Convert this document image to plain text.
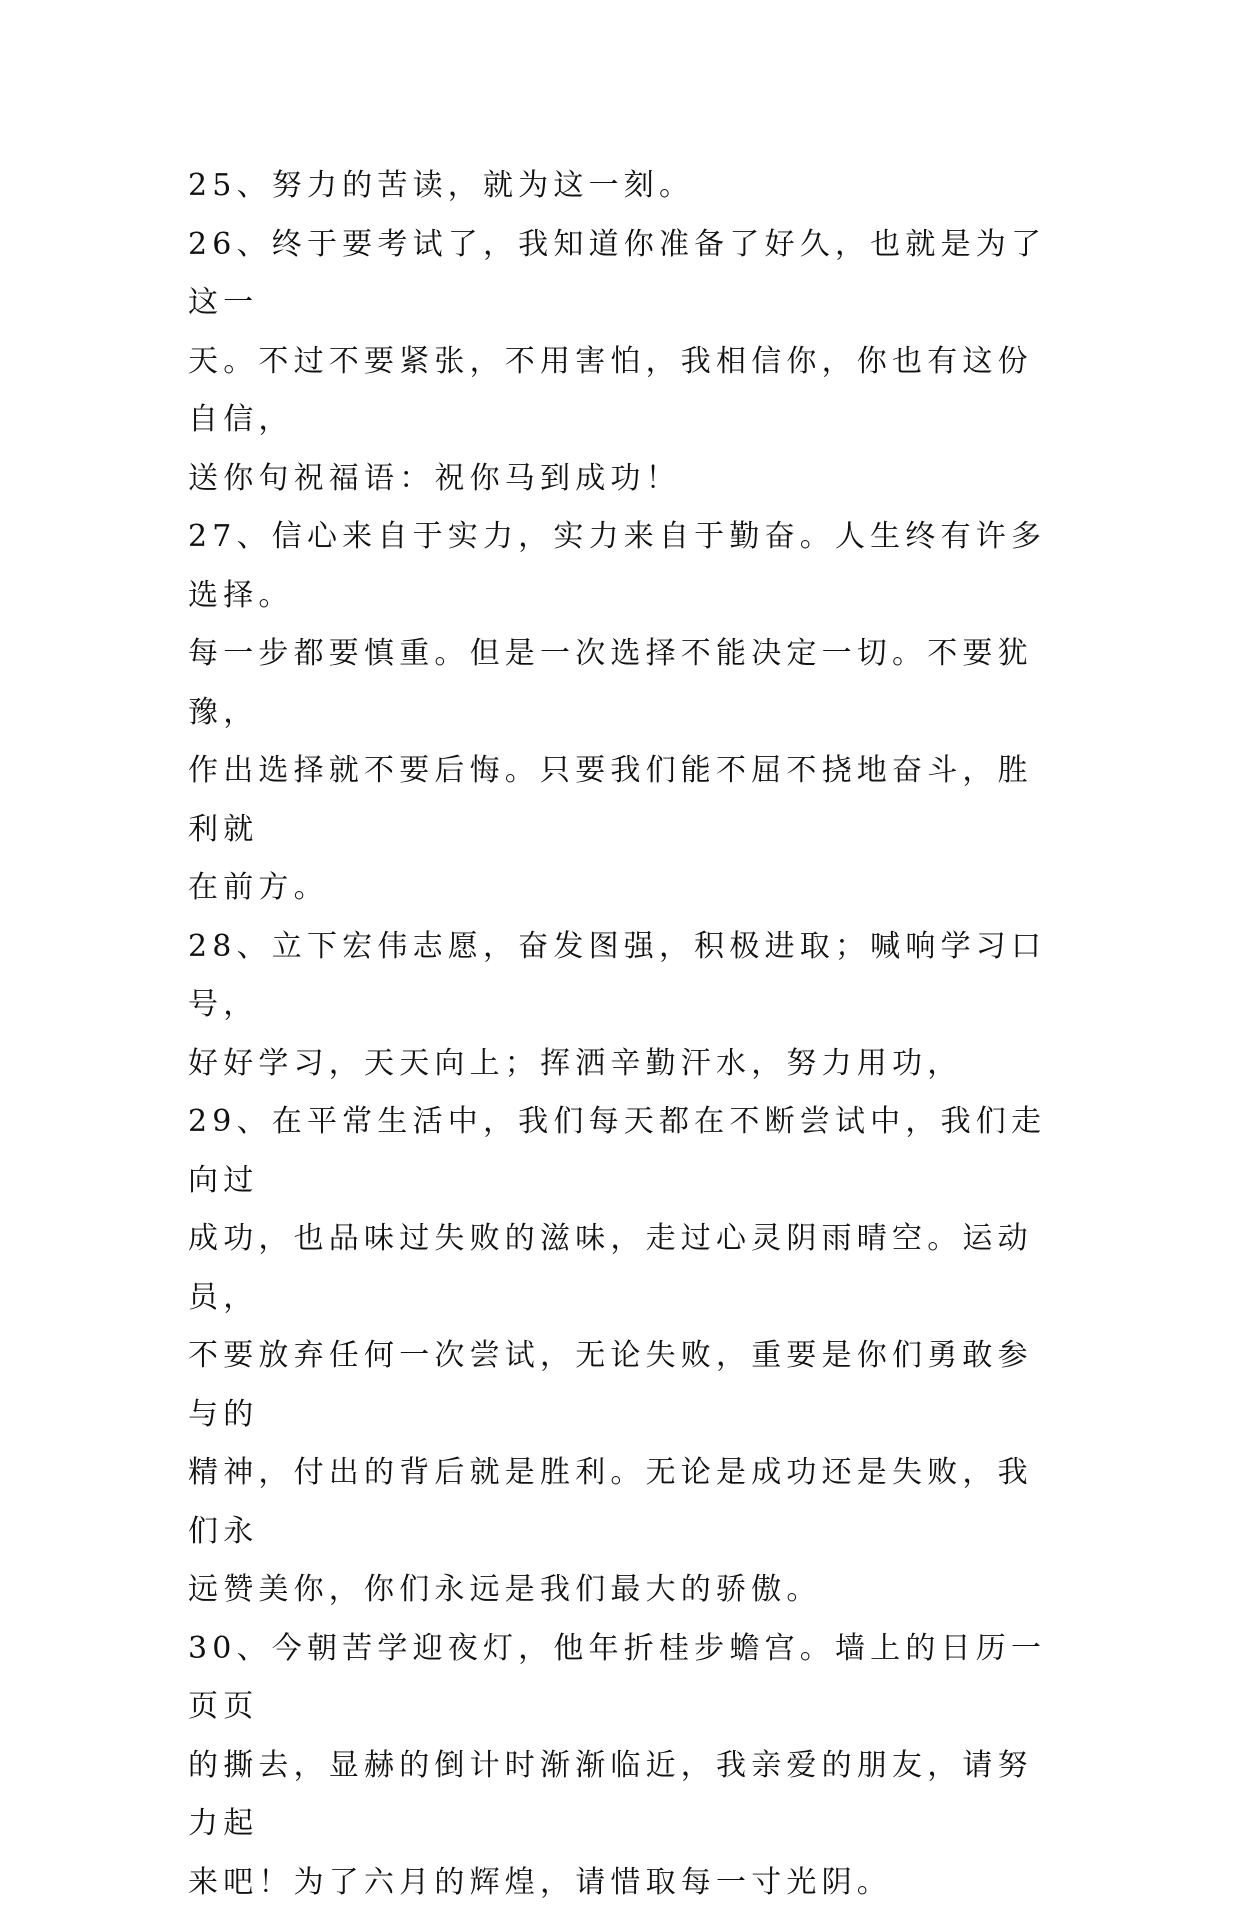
25、努力的苦读，就为这一刻。

26、终于要考试了，我知道你准备了好久，也就是为了这一
天。不过不要紧张，不用害怕，我相信你，你也有这份自信，
送你句祝福语：祝你马到成功！

27、信心来自于实力，实力来自于勤奋。人生终有许多选择。
每一步都要慎重。但是一次选择不能决定一切。不要犹豫，
作出选择就不要后悔。只要我们能不屈不挠地奋斗，胜利就
在前方。

28、立下宏伟志愿，奋发图强，积极进取；喊响学习口号，
好好学习，天天向上；挥洒辛勤汗水，努力用功，

29、在平常生活中，我们每天都在不断尝试中，我们走向过
成功，也品味过失败的滋味，走过心灵阴雨晴空。运动员，
不要放弃任何一次尝试，无论失败，重要是你们勇敢参与的
精神，付出的背后就是胜利。无论是成功还是失败，我们永
远赞美你，你们永远是我们最大的骄傲。

30、今朝苦学迎夜灯，他年折桂步蟾宫。墙上的日历一页页
的撕去，显赫的倒计时渐渐临近，我亲爱的朋友，请努力起
来吧！为了六月的辉煌，请惜取每一寸光阴。
